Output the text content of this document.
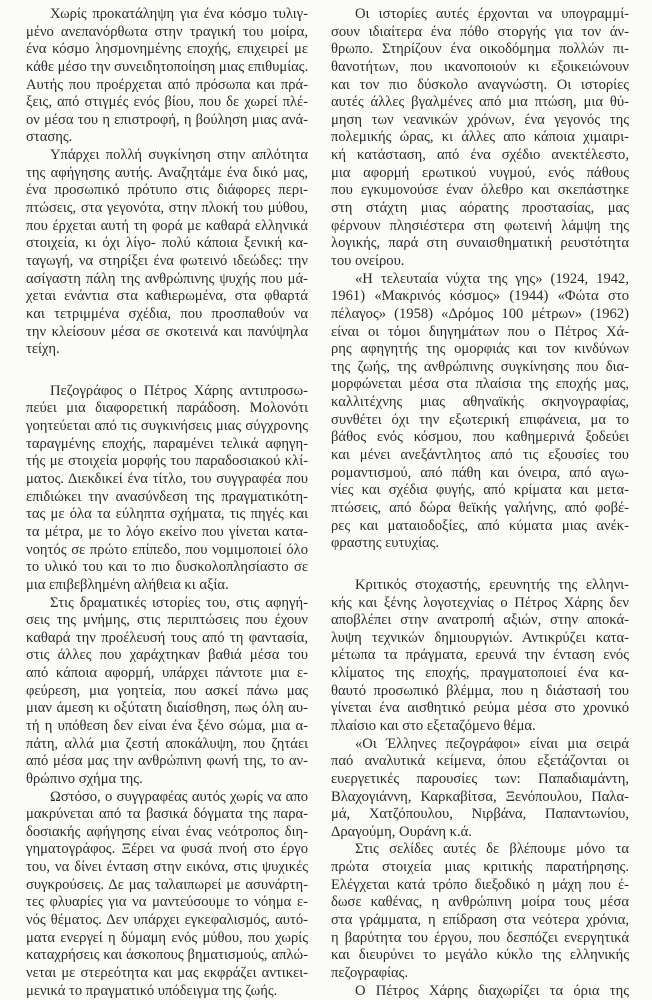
Χωρίς προκατάληψη για ένα κόσμο τυλιγ-
μένο ανεπανόρθωτα στην τραγική του μοίρα,
ένα κόσμο λησμονημένης εποχής, επιχειρεί με
κάθε μέσο την συνειδητοποίηση μιας επιθυμίας.
Αυτής που προέρχεται από πρόσωπα και πρά-
ξεις, από στιγμές ενός βίου, που δε χωρεί πλέ-
ον μέσα του η επιστροφή, η βούληση μιας ανά-
στασης.
Υπάρχει πολλή συγκίνηση στην απλότητα
της αφήγησης αυτής. Αναζητάμε ένα δικό μας,
ένα προσωπικό πρότυπο στις διάφορες περι-
πτώσεις, στα γεγονότα, στην πλοκή του μύθου,
που έρχεται αυτή τη φορά με καθαρά ελληνικά
στοιχεία, κι όχι λίγο- πολύ κάποια ξενική κα-
ταγωγή, να στηρίξει ένα φωτεινό ιδεώδες: την
ασίγαστη πάλη της ανθρώπινης ψυχής που μά-
χεται ενάντια στα καθιερωμένα, στα φθαρτά
και τετριμμένα σχέδια, που προσπαθούν να
την κλείσουν μέσα σε σκοτεινά και πανύψηλα
τείχη.
Πεζογράφος ο Πέτρος Χάρης αντιπροσω-
πεύει μια διαφορετική παράδοση. Μολονότι
γοητεύεται από τις συγκινήσεις μιας σύγχρονης
ταραγμένης εποχής, παραμένει τελικά αφηγη-
τής με στοιχεία μορφής του παραδοσιακού κλί-
ματος. Διεκδικεί ένα τίτλο, του συγγραφέα που
επιδιώκει την ανασύνδεση της πραγματικότη-
τας με όλα τα εύληπτα σχήματα, τις πηγές και
τα μέτρα, με το λόγο εκείνο που γίνεται κατα-
νοητός σε πρώτο επίπεδο, που νομιμοποιεί όλο
το υλικό του και το πιο δυσκολοπλησίαστο σε
μια επιβεβλημένη αλήθεια κι αξία.
Στις δραματικές ιστορίες του, στις αφηγή-
σεις της μνήμης, στις περιπτώσεις που έχουν
καθαρά την προέλευσή τους από τη φαντασία,
στις άλλες που χαράχτηκαν βαθιά μέσα του
από κάποια αφορμή, υπάρχει πάντοτε μια ε-
φεύρεση, μια γοητεία, που ασκεί πάνω μας
μιαν άμεση κι οξύτατη διαίσθηση, πως όλη αυ-
τή η υπόθεση δεν είναι ένα ξένο σώμα, μια α-
πάτη, αλλά μια ζεστή αποκάλυψη, που ζητάει
από μέσα μας την ανθρώπινη φωνή της, το αν-
θρώπινο σχήμα της.
Ωστόσο, ο συγγραφέας αυτός χωρίς να απο
μακρύνεται από τα βασικά δόγματα της παρα-
δοσιακής αφήγησης είναι ένας νεότροπος διη-
γηματογράφος. Ξέρει να φυσά πνοή στο έργο
του, να δίνει ένταση στην εικόνα, στις ψυχικές
συγκρούσεις. Δε μας ταλαιπωρεί με ασυνάρτη-
τες φλυαρίες για να μαντεύσουμε το νόημα ε-
νός θέματος. Δεν υπάρχει εγκεφαλισμός, αυτό-
ματα ενεργεί η δύμαμη ενός μύθου, που χωρίς
καταχρήσεις και άσκοπους βηματισμούς, απλώ-
νεται με στερεότητα και μας εκφράζει αντικει-
μενικά το πραγματικό υπόδειγμα της ζωής.
Οι ιστορίες αυτές έρχονται να υπογραμμί-
σουν ιδιαίτερα ένα πόθο στοργής για τον άν-
θρωπο. Στηρίζουν ένα οικοδόμημα πολλών πι-
θανοτήτων, που ικανοποιούν κι εξοικειώνουν
και τον πιο δύσκολο αναγνώστη. Οι ιστορίες
αυτές άλλες βγαλμένες από μια πτώση, μια θύ-
μηση των νεανικών χρόνων, ένα γεγονός της
πολεμικής ώρας, κι άλλες απο κάποια χιμαιρι-
κή κατάσταση, από ένα σχέδιο ανεκτέλεστο,
μια αφορμή ερωτικού νυγμού, ενός πάθους
που εγκυμονούσε έναν όλεθρο και σκεπάστηκε
στη στάχτη μιας αόρατης προστασίας, μας
φέρνουν πλησιέστερα στη φωτεινή λάμψη της
λογικής, παρά στη συναισθηματική ρευστότητα
του ονείρου.
«Η τελευταία νύχτα της γης» (1924, 1942,
1961) «Μακρινός κόσμος» (1944) «Φώτα στο
πέλαγος» (1958) «Δρόμος 100 μέτρων» (1962)
είναι οι τόμοι διηγημάτων που ο Πέτρος Χά-
ρης αφηγητής της ομορφιάς και τον κινδύνων
της ζωής, της ανθρώπινης συγκίνησης που δια-
μορφώνεται μέσα στα πλαίσια της εποχής μας,
καλλιτέχνης μιας αθηναϊκής σκηνογραφίας,
συνθέτει όχι την εξωτερική επιφάνεια, μα το
βάθος ενός κόσμου, που καθημερινά ξοδεύει
και μένει ανεξάντλητος από τις εξουσίες του
ρομαντισμού, από πάθη και όνειρα, από αγω-
νίες και σχέδια φυγής, από κρίματα και μετα-
πτώσεις, από δώρα θεϊκής γαλήνης, από φοβέ-
ρες και ματαιοδοξίες, από κύματα μιας ανέκ-
φραστης ευτυχίας.
Κριτικός στοχαστής, ερευνητής της ελληνι-
κής και ξένης λογοτεχνίας ο Πέτρος Χάρης δεν
αποβλέπει στην ανατροπή αξιών, στην αποκά-
λυψη τεχνικών δημιουργιών. Αντικρύζει κατα-
μέτωπα τα πράγματα, ερευνά την ένταση ενός
κλίματος της εποχής, πραγματοποιεί ένα κα-
θαυτό προσωπικό βλέμμα, που η διάστασή του
γίνεται ένα αισθητικό ρεύμα μέσα στο χρονικό
πλαίσιο και στο εξεταζόμενο θέμα.
«Οι Έλληνες πεζογράφοι» είναι μια σειρά
παό αναλυτικά κείμενα, όπου εξετάζονται οι
ευεργετικές παρουσίες των: Παπαδιαμάντη,
Βλαχογιάννη, Καρκαβίτσα, Ξενόπουλου, Παλα-
μά, Χατζόπουλου, Νιρβάνα, Παπαντωνίου,
Δραγούμη, Ουράνη κ.ά.
Στις σελίδες αυτές δε βλέπουμε μόνο τα
πρώτα στοιχεία μιας κριτικής παρατήρησης.
Ελέγχεται κατά τρόπο διεξοδικό η μάχη που έ-
δωσε καθένας, η ανθρώπινη μοίρα τους μέσα
στα γράμματα, η επίδραση στα νεότερα χρόνια,
η βαρύτητα του έργου, που δεσπόζει ενεργητικά
και διευρύνει το μεγάλο κύκλο της ελληνικής
πεζογραφίας.
Ο Πέτρος Χάρης διαχωρίζει τα όρια της
